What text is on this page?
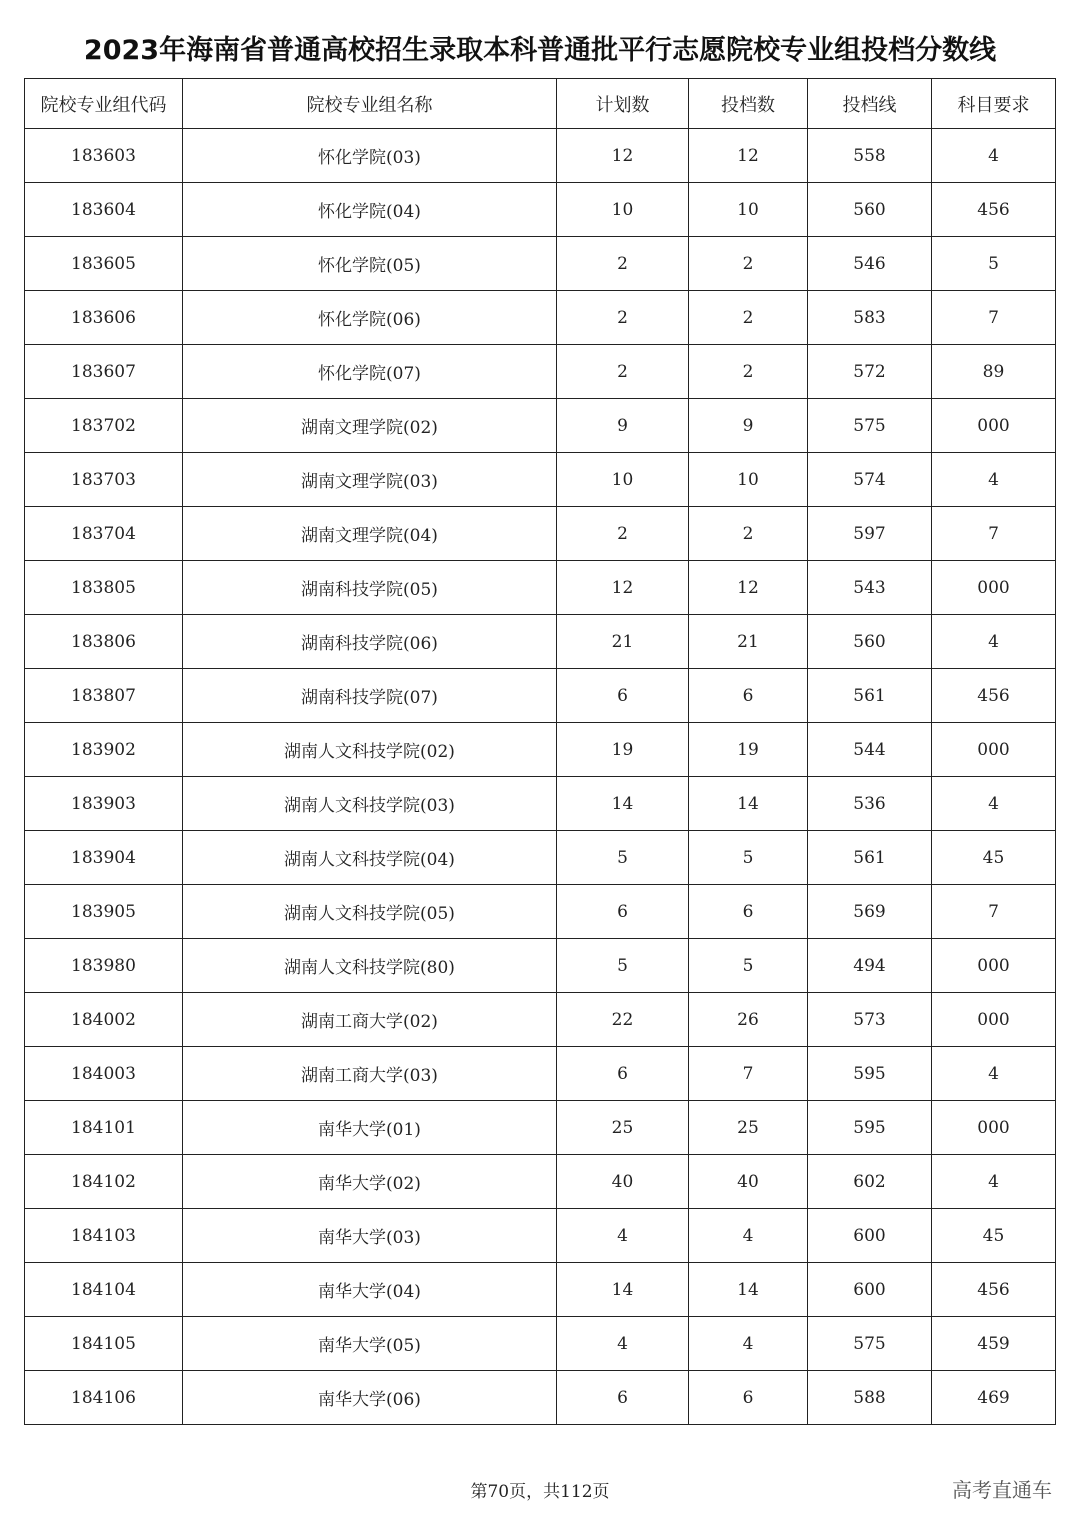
2023年海南省普通高校招生录取本科普通批平行志愿院校专业组投档分数线
院校专业组代码	院校专业组名称	计划数	投档数	投档线	科目要求
183603	怀化学院(03)	12	12	558	4
183604	怀化学院(04)	10	10	560	456
183605	怀化学院(05)	2	2	546	5
183606	怀化学院(06)	2	2	583	7
183607	怀化学院(07)	2	2	572	89
183702	湖南文理学院(02)	9	9	575	000
183703	湖南文理学院(03)	10	10	574	4
183704	湖南文理学院(04)	2	2	597	7
183805	湖南科技学院(05)	12	12	543	000
183806	湖南科技学院(06)	21	21	560	4
183807	湖南科技学院(07)	6	6	561	456
183902	湖南人文科技学院(02)	19	19	544	000
183903	湖南人文科技学院(03)	14	14	536	4
183904	湖南人文科技学院(04)	5	5	561	45
183905	湖南人文科技学院(05)	6	6	569	7
183980	湖南人文科技学院(80)	5	5	494	000
184002	湖南工商大学(02)	22	26	573	000
184003	湖南工商大学(03)	6	7	595	4
184101	南华大学(01)	25	25	595	000
184102	南华大学(02)	40	40	602	4
184103	南华大学(03)	4	4	600	45
184104	南华大学(04)	14	14	600	456
184105	南华大学(05)	4	4	575	459
184106	南华大学(06)	6	6	588	469
第70页，共112页	高考直通车
